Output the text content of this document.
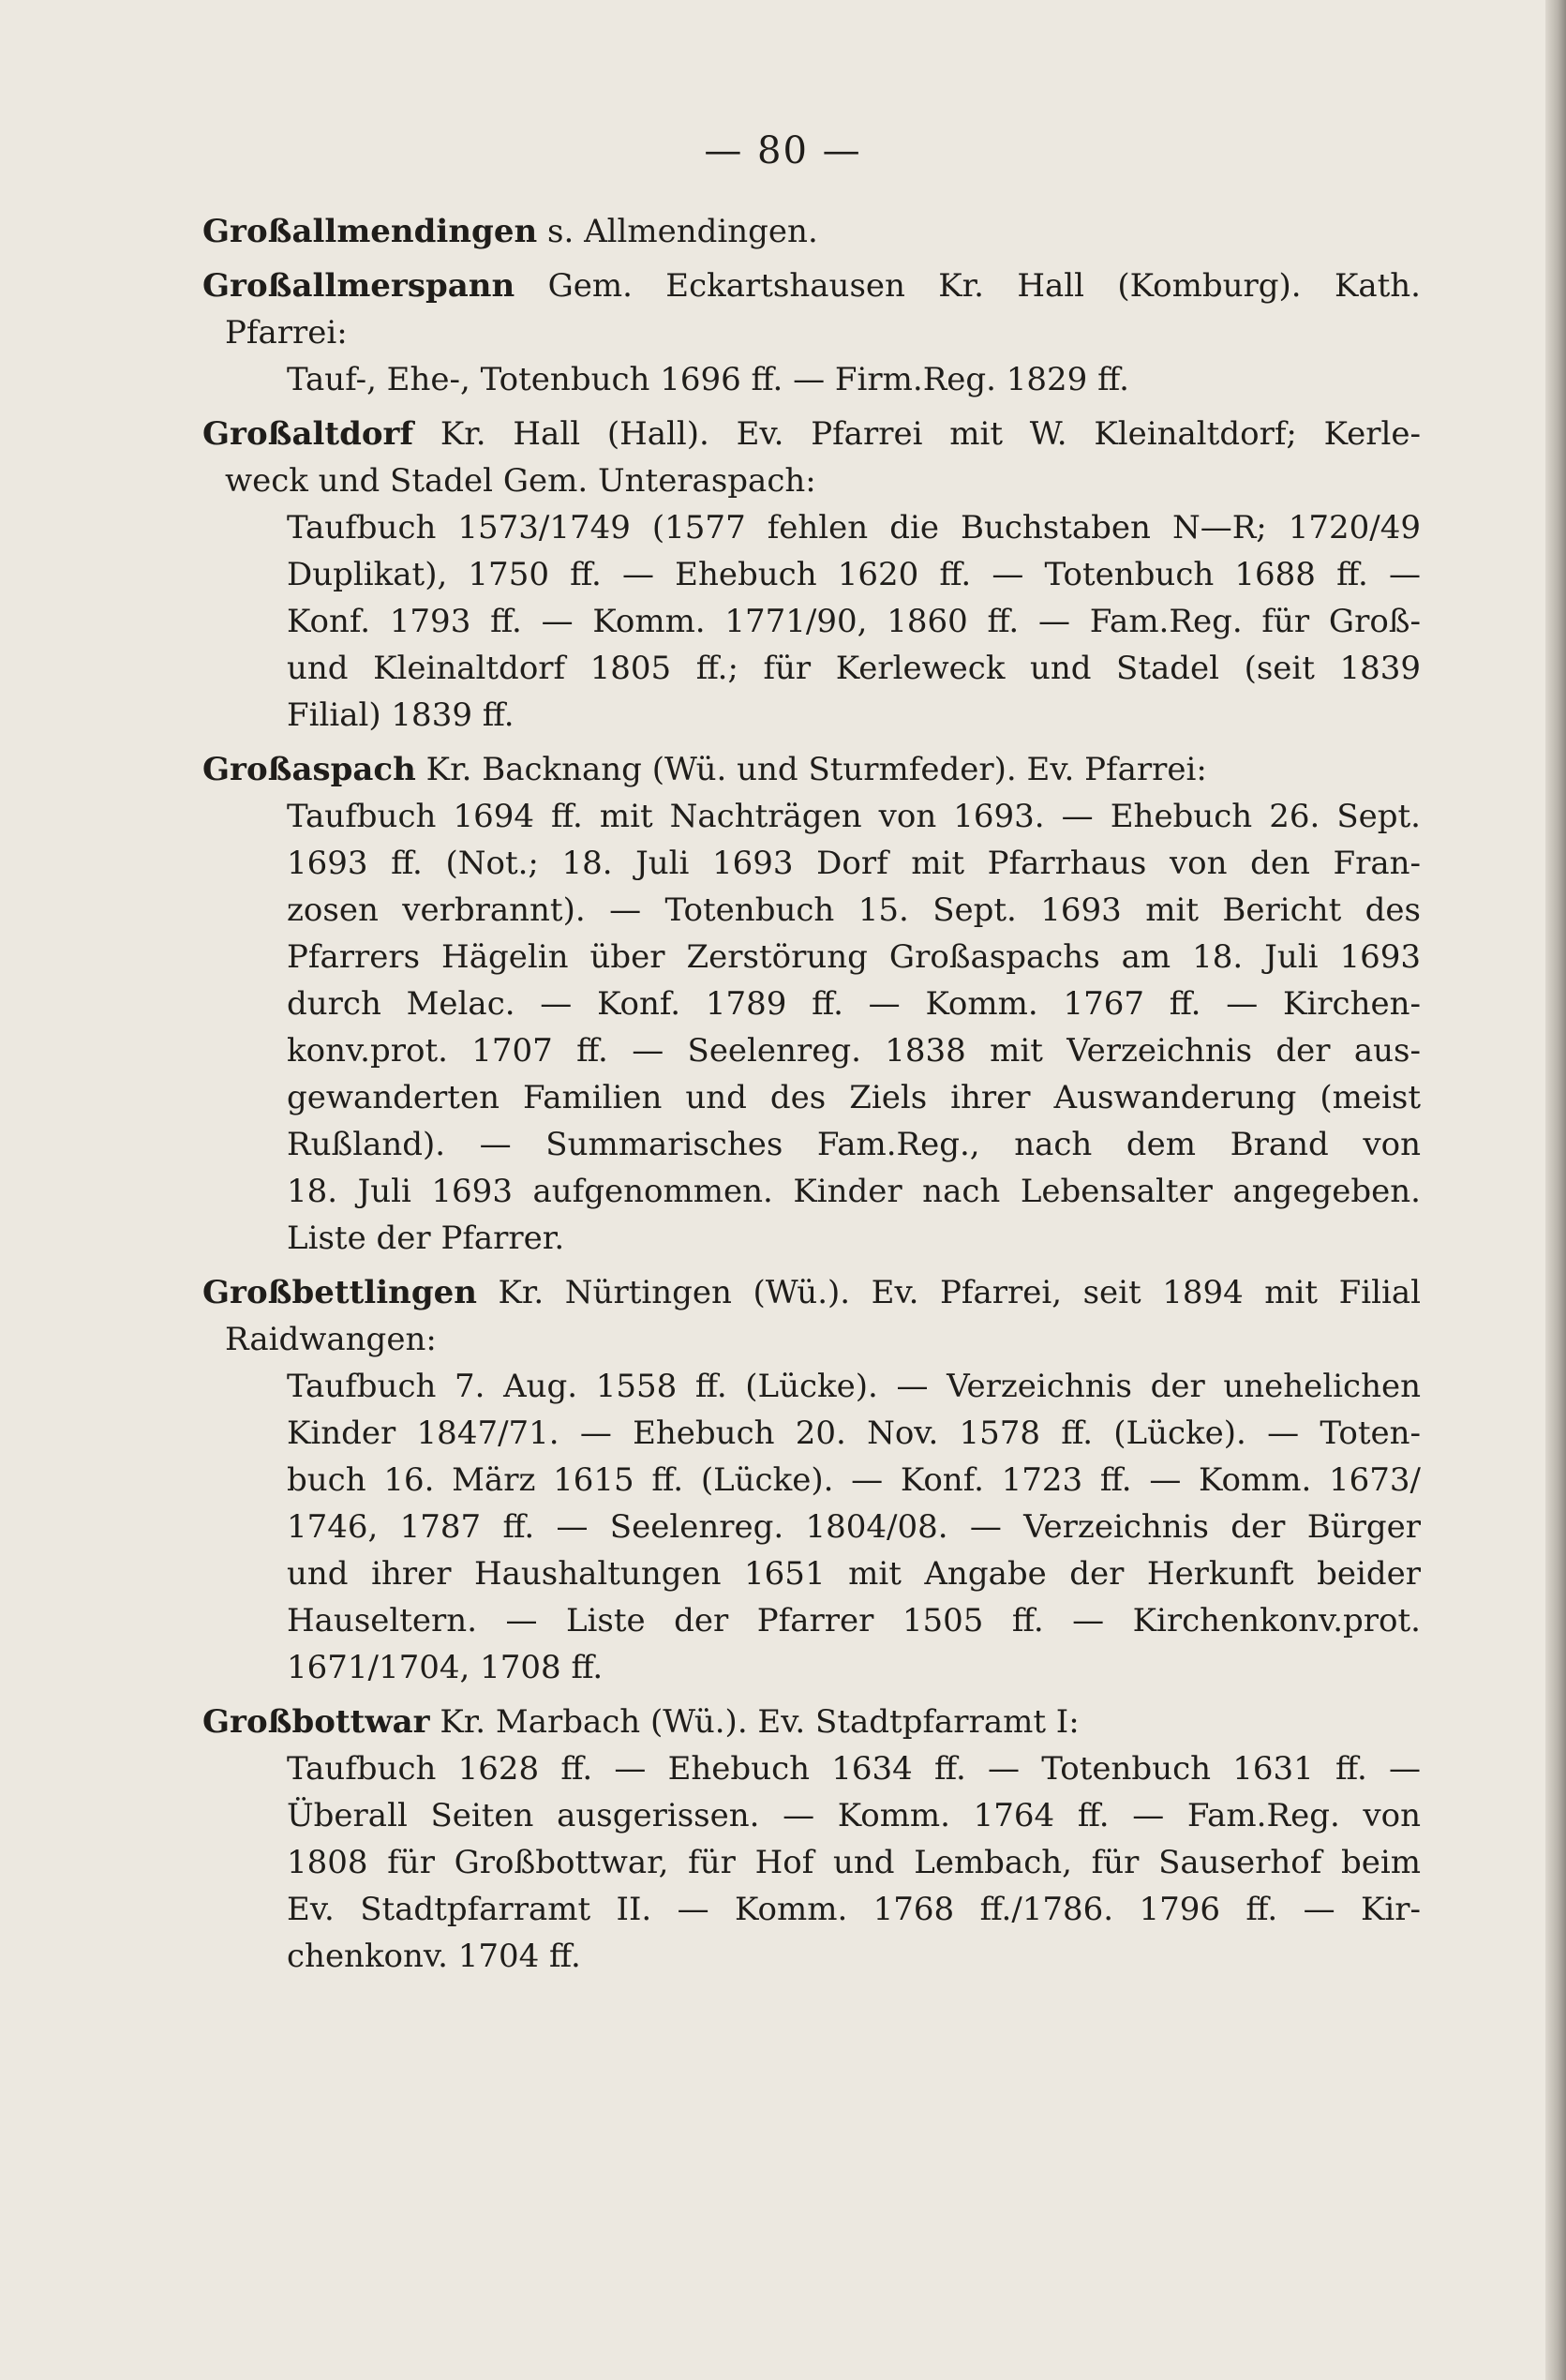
— 80 —
Großallmendingen s. Allmendingen.
Großallmerspann Gem. Eckartshausen Kr. Hall (Komburg). Kath.
Pfarrei:
Tauf-, Ehe-, Totenbuch 1696 ff. — Firm.Reg. 1829 ff.
Großaltdorf Kr. Hall (Hall). Ev. Pfarrei mit W. Kleinaltdorf; Kerle-
weck und Stadel Gem. Unteraspach:
Taufbuch 1573/1749 (1577 fehlen die Buchstaben N—R; 1720/49
Duplikat), 1750 ff. — Ehebuch 1620 ff. — Totenbuch 1688 ff. —
Konf. 1793 ff. — Komm. 1771/90, 1860 ff. — Fam.Reg. für Groß-
und Kleinaltdorf 1805 ff.; für Kerleweck und Stadel (seit 1839
Filial) 1839 ff.
Großaspach Kr. Backnang (Wü. und Sturmfeder). Ev. Pfarrei:
Taufbuch 1694 ff. mit Nachträgen von 1693. — Ehebuch 26. Sept.
1693 ff. (Not.; 18. Juli 1693 Dorf mit Pfarrhaus von den Fran-
zosen verbrannt). — Totenbuch 15. Sept. 1693 mit Bericht des
Pfarrers Hägelin über Zerstörung Großaspachs am 18. Juli 1693
durch Melac. — Konf. 1789 ff. — Komm. 1767 ff. — Kirchen-
konv.prot. 1707 ff. — Seelenreg. 1838 mit Verzeichnis der aus-
gewanderten Familien und des Ziels ihrer Auswanderung (meist
Rußland). — Summarisches Fam.Reg., nach dem Brand von
18. Juli 1693 aufgenommen. Kinder nach Lebensalter angegeben.
Liste der Pfarrer.
Großbettlingen Kr. Nürtingen (Wü.). Ev. Pfarrei, seit 1894 mit Filial
Raidwangen:
Taufbuch 7. Aug. 1558 ff. (Lücke). — Verzeichnis der unehelichen
Kinder 1847/71. — Ehebuch 20. Nov. 1578 ff. (Lücke). — Toten-
buch 16. März 1615 ff. (Lücke). — Konf. 1723 ff. — Komm. 1673/
1746, 1787 ff. — Seelenreg. 1804/08. — Verzeichnis der Bürger
und ihrer Haushaltungen 1651 mit Angabe der Herkunft beider
Hauseltern. — Liste der Pfarrer 1505 ff. — Kirchenkonv.prot.
1671/1704, 1708 ff.
Großbottwar Kr. Marbach (Wü.). Ev. Stadtpfarramt I:
Taufbuch 1628 ff. — Ehebuch 1634 ff. — Totenbuch 1631 ff. —
Überall Seiten ausgerissen. — Komm. 1764 ff. — Fam.Reg. von
1808 für Großbottwar, für Hof und Lembach, für Sauserhof beim
Ev. Stadtpfarramt II. — Komm. 1768 ff./1786. 1796 ff. — Kir-
chenkonv. 1704 ff.
